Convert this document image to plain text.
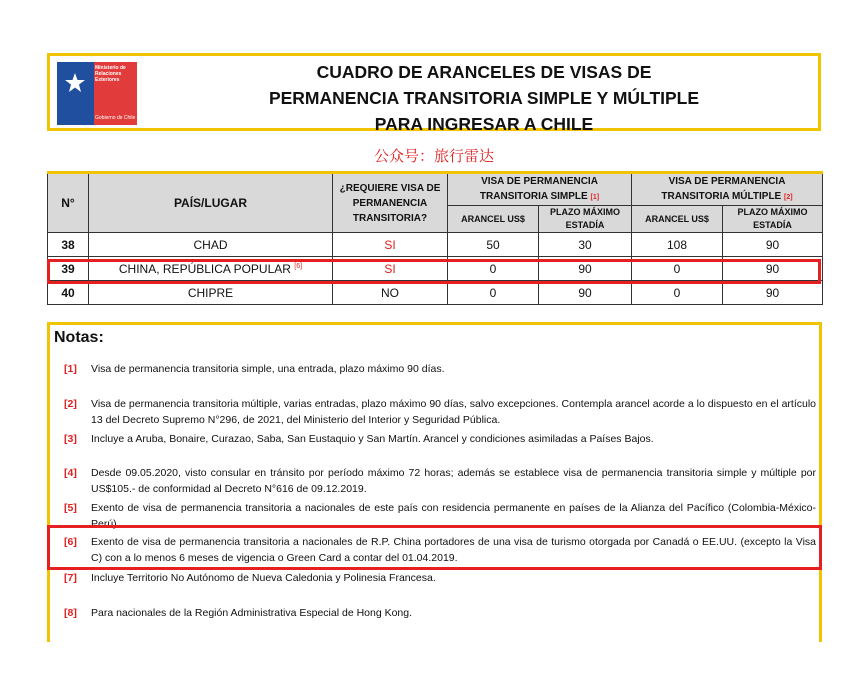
Ministerio de
Relaciones
Exteriores
Gobierno de Chile
CUADRO DE ARANCELES DE VISAS DE
PERMANENCIA TRANSITORIA SIMPLE Y MÚLTIPLE
PARA INGRESAR A CHILE
公众号：旅行雷达
N°	PAÍS/LUGAR	¿REQUIERE VISA DE PERMANENCIA TRANSITORIA?	VISA DE PERMANENCIA TRANSITORIA SIMPLE [1]		VISA DE PERMANENCIA TRANSITORIA MÚLTIPLE [2]	
			ARANCEL US$	PLAZO MÁXIMO ESTADÍA	ARANCEL US$	PLAZO MÁXIMO ESTADÍA
38	CHAD	SI	50	30	108	90
39	CHINA, REPÚBLICA POPULAR [6]	SI	0	90	0	90
40	CHIPRE	NO	0	90	0	90
Notas:
[1]	Visa de permanencia transitoria simple, una entrada, plazo máximo 90 días.
[2]	Visa de permanencia transitoria múltiple, varias entradas, plazo máximo 90 días, salvo excepciones. Contempla arancel acorde a lo dispuesto en el artículo 13 del Decreto Supremo N°296, de 2021, del Ministerio del Interior y Seguridad Pública.
[3]	Incluye a Aruba, Bonaire, Curazao, Saba, San Eustaquio y San Martín. Arancel y condiciones asimiladas a Países Bajos.
[4]	Desde 09.05.2020, visto consular en tránsito por período máximo 72 horas; además se establece visa de permanencia transitoria simple y múltiple por US$105.- de conformidad al Decreto N°616 de 09.12.2019.
[5]	Exento de visa de permanencia transitoria a nacionales de este país con residencia permanente en países de la Alianza del Pacífico (Colombia-México-Perú).
[6]	Exento de visa de permanencia transitoria a nacionales de R.P. China portadores de una visa de turismo otorgada por Canadá o EE.UU. (excepto la Visa C) con a lo menos 6 meses de vigencia o Green Card a contar del 01.04.2019.
[7]	Incluye Territorio No Autónomo de Nueva Caledonia y Polinesia Francesa.
[8]	Para nacionales de la Región Administrativa Especial de Hong Kong.
